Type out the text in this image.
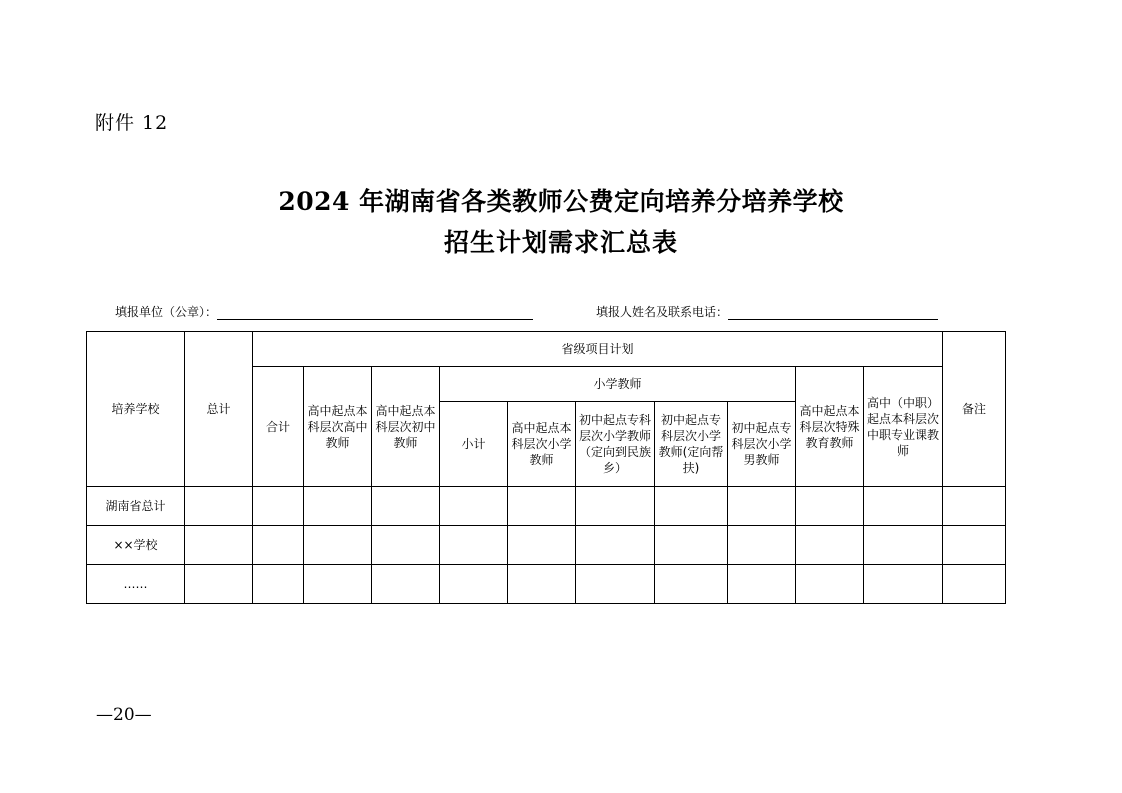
附件 12
2024 年湖南省各类教师公费定向培养分培养学校
招生计划需求汇总表
填报单位（公章）：	填报人姓名及联系电话：
培养学校	总计	省级项目计划										备注
		合计	高中起点本科层次高中教师	高中起点本科层次初中教师	小学教师					高中起点本科层次特殊教育教师	高中（中职）起点本科层次中职专业课教师	
					小计	高中起点本科层次小学教师	初中起点专科层次小学教师（定向到民族乡）	初中起点专科层次小学教师(定向帮扶)	初中起点专科层次小学男教师			
湖南省总计												
××学校												
……												
—20—
